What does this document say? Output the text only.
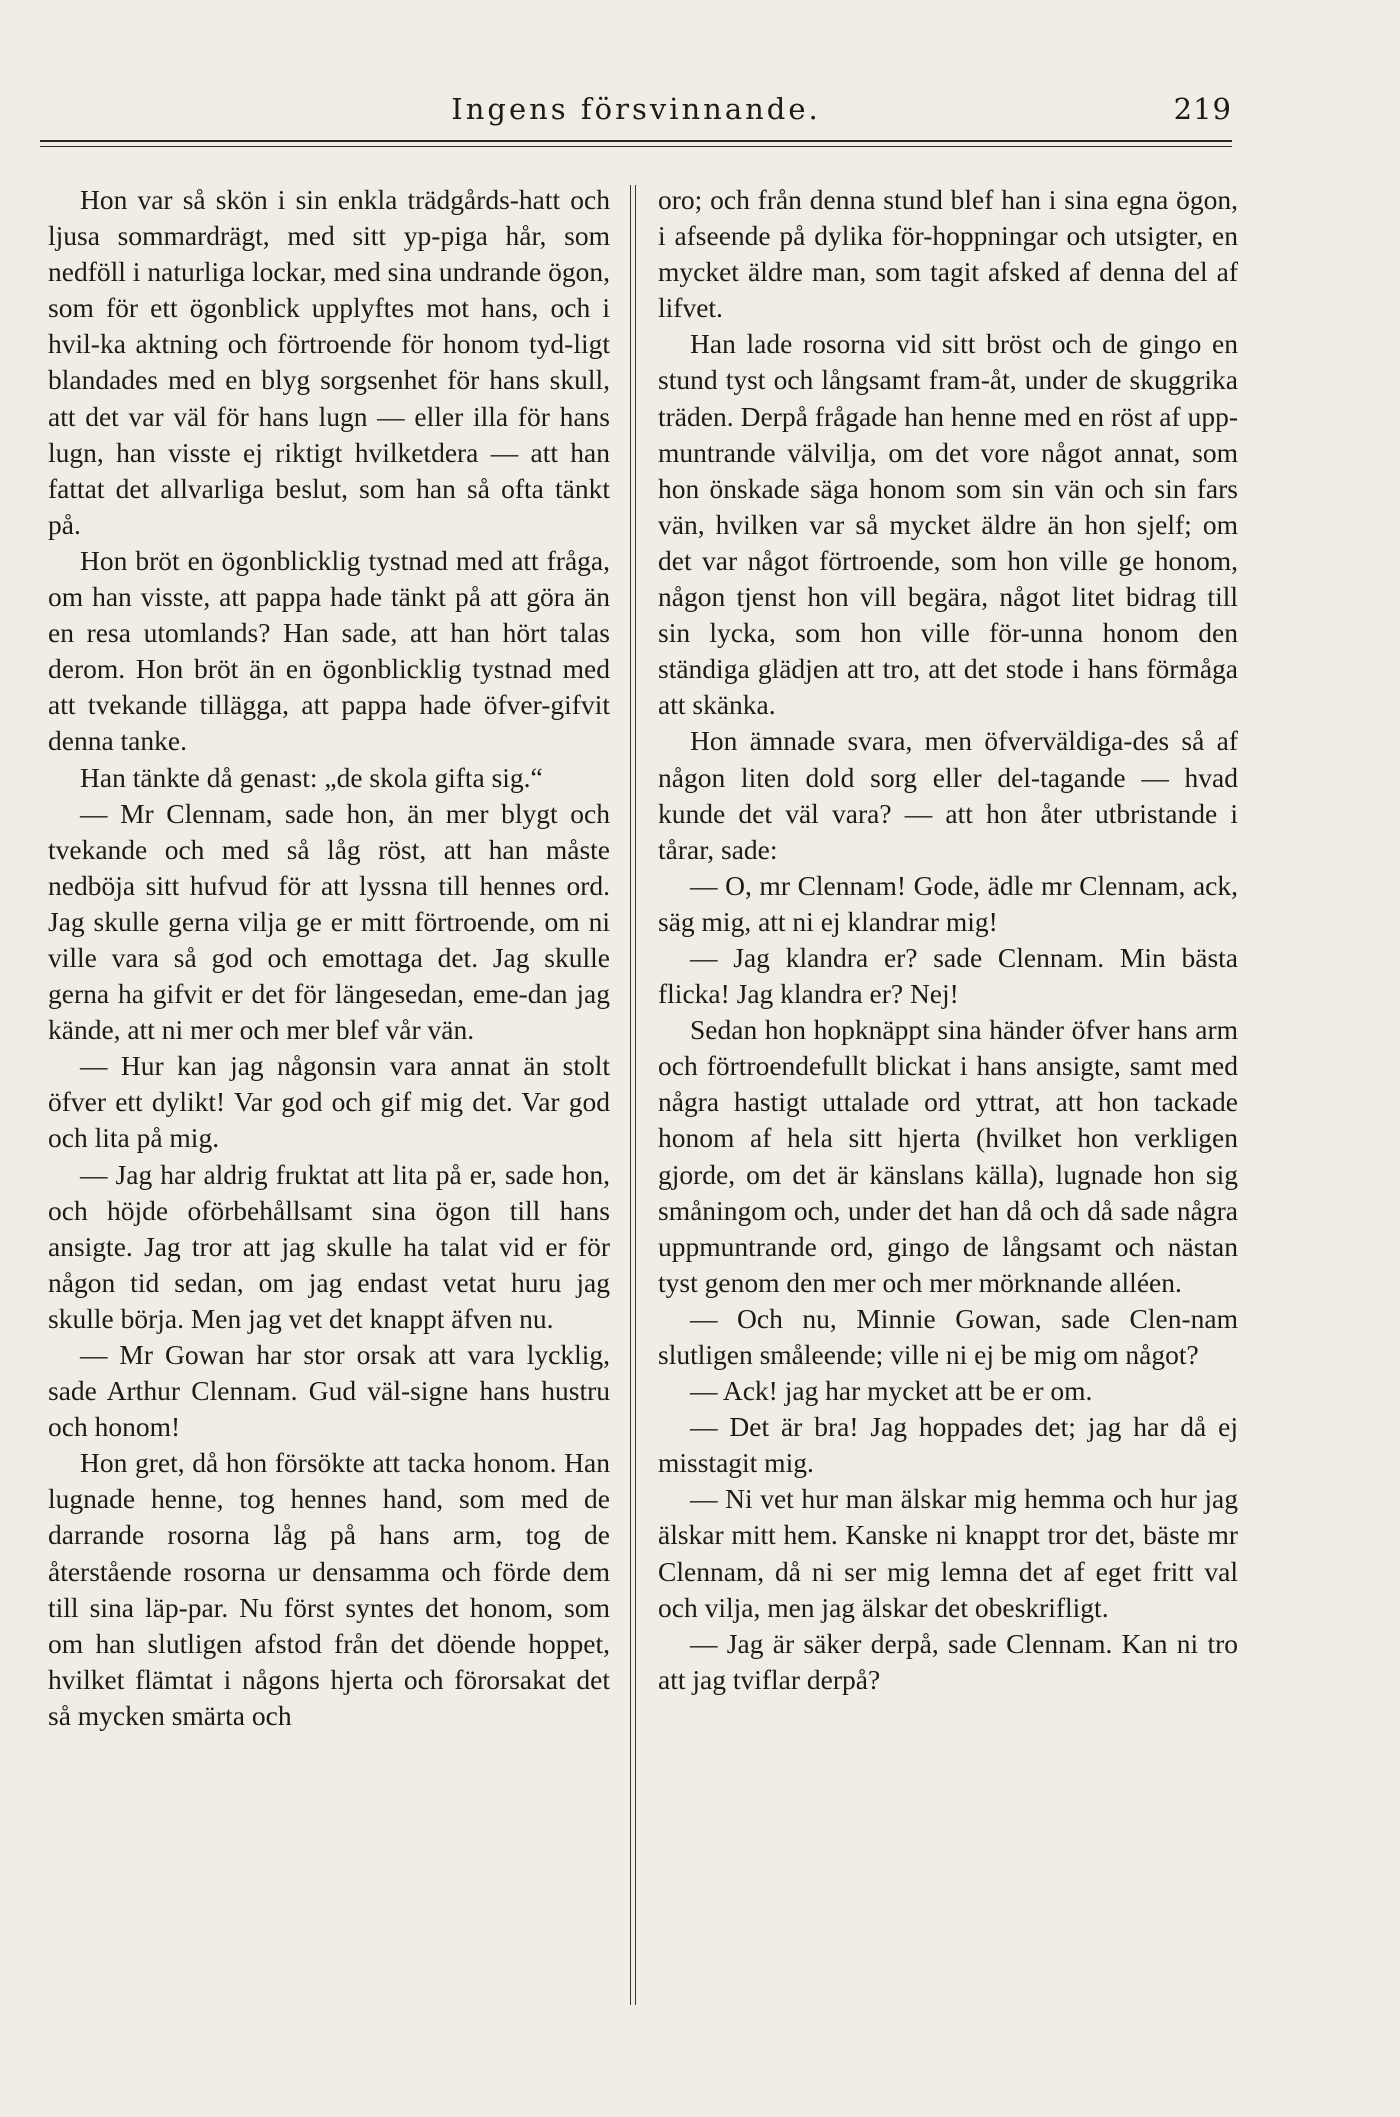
Ingens försvinnande.	219

Hon var så skön i sin enkla trädgårds-hatt och ljusa sommardrägt, med sitt yp-piga hår, som nedföll i naturliga lockar, med sina undrande ögon, som för ett ögonblick upplyftes mot hans, och i hvil-ka aktning och förtroende för honom tyd-ligt blandades med en blyg sorgsenhet för hans skull, att det var väl för hans lugn — eller illa för hans lugn, han visste ej riktigt hvilketdera — att han fattat det allvarliga beslut, som han så ofta tänkt på.

Hon bröt en ögonblicklig tystnad med att fråga, om han visste, att pappa hade tänkt på att göra än en resa utomlands? Han sade, att han hört talas derom. Hon bröt än en ögonblicklig tystnad med att tvekande tillägga, att pappa hade öfver-gifvit denna tanke.

Han tänkte då genast: „de skola gifta sig.“

— Mr Clennam, sade hon, än mer blygt och tvekande och med så låg röst, att han måste nedböja sitt hufvud för att lyssna till hennes ord. Jag skulle gerna vilja ge er mitt förtroende, om ni ville vara så god och emottaga det. Jag skulle gerna ha gifvit er det för längesedan, eme-dan jag kände, att ni mer och mer blef vår vän.

— Hur kan jag någonsin vara annat än stolt öfver ett dylikt! Var god och gif mig det. Var god och lita på mig.

— Jag har aldrig fruktat att lita på er, sade hon, och höjde oförbehållsamt sina ögon till hans ansigte. Jag tror att jag skulle ha talat vid er för någon tid sedan, om jag endast vetat huru jag skulle börja. Men jag vet det knappt äfven nu.

— Mr Gowan har stor orsak att vara lycklig, sade Arthur Clennam. Gud väl-signe hans hustru och honom!

Hon gret, då hon försökte att tacka honom. Han lugnade henne, tog hennes hand, som med de darrande rosorna låg på hans arm, tog de återstående rosorna ur densamma och förde dem till sina läp-par. Nu först syntes det honom, som om han slutligen afstod från det döende hoppet, hvilket flämtat i någons hjerta och förorsakat det så mycken smärta och

oro; och från denna stund blef han i sina egna ögon, i afseende på dylika för-hoppningar och utsigter, en mycket äldre man, som tagit afsked af denna del af lifvet.

Han lade rosorna vid sitt bröst och de gingo en stund tyst och långsamt fram-åt, under de skuggrika träden. Derpå frågade han henne med en röst af upp-muntrande välvilja, om det vore något annat, som hon önskade säga honom som sin vän och sin fars vän, hvilken var så mycket äldre än hon sjelf; om det var något förtroende, som hon ville ge honom, någon tjenst hon vill begära, något litet bidrag till sin lycka, som hon ville för-unna honom den ständiga glädjen att tro, att det stode i hans förmåga att skänka.

Hon ämnade svara, men öfverväldiga-des så af någon liten dold sorg eller del-tagande — hvad kunde det väl vara? — att hon åter utbristande i tårar, sade:

— O, mr Clennam! Gode, ädle mr Clennam, ack, säg mig, att ni ej klandrar mig!

— Jag klandra er? sade Clennam. Min bästa flicka! Jag klandra er? Nej!

Sedan hon hopknäppt sina händer öfver hans arm och förtroendefullt blickat i hans ansigte, samt med några hastigt uttalade ord yttrat, att hon tackade honom af hela sitt hjerta (hvilket hon verkligen gjorde, om det är känslans källa), lugnade hon sig småningom och, under det han då och då sade några uppmuntrande ord, gingo de långsamt och nästan tyst genom den mer och mer mörknande alléen.

— Och nu, Minnie Gowan, sade Clen-nam slutligen småleende; ville ni ej be mig om något?

— Ack! jag har mycket att be er om.

— Det är bra! Jag hoppades det; jag har då ej misstagit mig.

— Ni vet hur man älskar mig hemma och hur jag älskar mitt hem. Kanske ni knappt tror det, bäste mr Clennam, då ni ser mig lemna det af eget fritt val och vilja, men jag älskar det obeskrifligt.

— Jag är säker derpå, sade Clennam. Kan ni tro att jag tviflar derpå?
